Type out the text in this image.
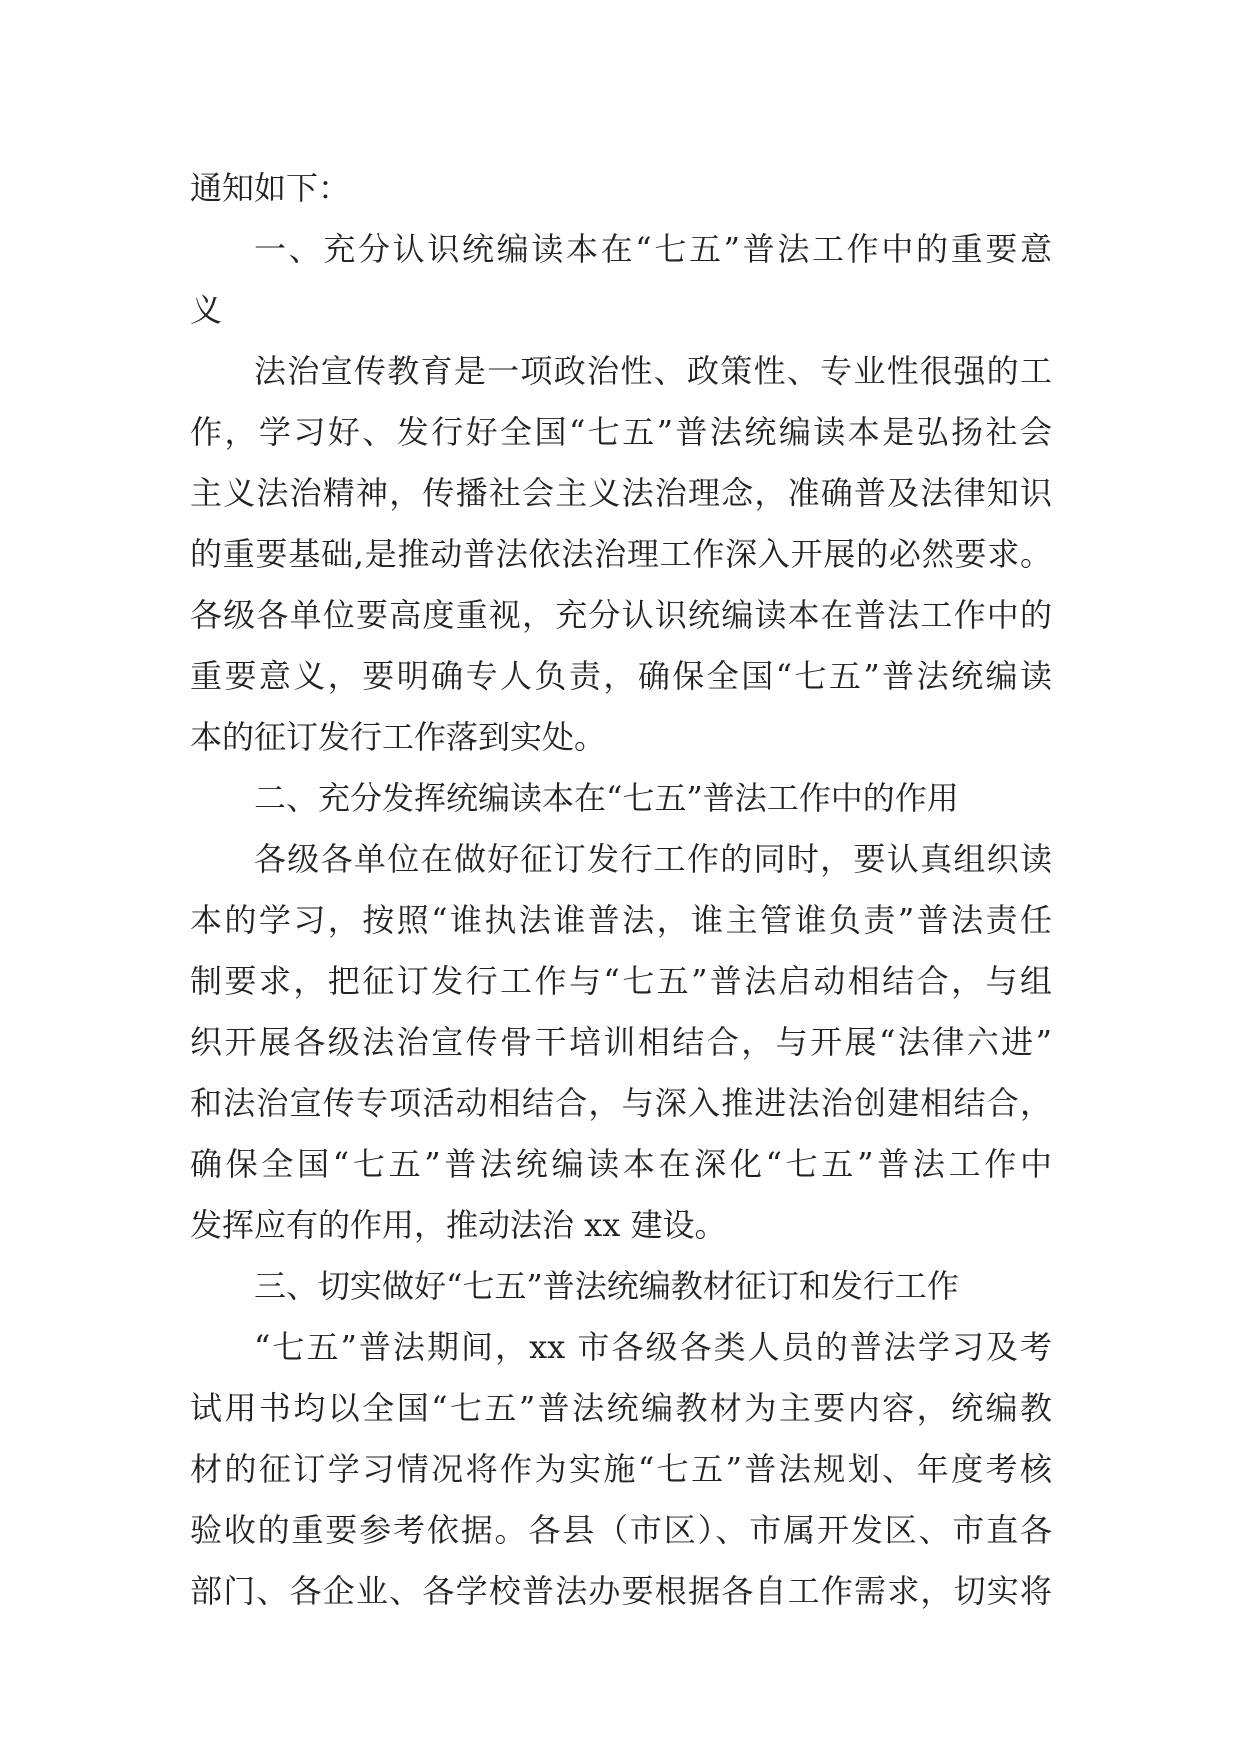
通知如下：
一、充分认识统编读本在“七五”普法工作中的重要意
义
法治宣传教育是一项政治性、政策性、专业性很强的工
作，学习好、发行好全国“七五”普法统编读本是弘扬社会
主义法治精神，传播社会主义法治理念，准确普及法律知识
的重要基础,是推动普法依法治理工作深入开展的必然要求。
各级各单位要高度重视，充分认识统编读本在普法工作中的
重要意义，要明确专人负责，确保全国“七五”普法统编读
本的征订发行工作落到实处。
二、充分发挥统编读本在“七五”普法工作中的作用
各级各单位在做好征订发行工作的同时，要认真组织读
本的学习，按照“谁执法谁普法，谁主管谁负责”普法责任
制要求，把征订发行工作与“七五”普法启动相结合，与组
织开展各级法治宣传骨干培训相结合，与开展“法律六进”
和法治宣传专项活动相结合，与深入推进法治创建相结合，
确保全国“七五”普法统编读本在深化“七五”普法工作中
发挥应有的作用，推动法治 xx 建设。
三、切实做好“七五”普法统编教材征订和发行工作
“七五”普法期间，xx 市各级各类人员的普法学习及考
试用书均以全国“七五”普法统编教材为主要内容，统编教
材的征订学习情况将作为实施“七五”普法规划、年度考核
验收的重要参考依据。各县（市区）、市属开发区、市直各
部门、各企业、各学校普法办要根据各自工作需求，切实将
